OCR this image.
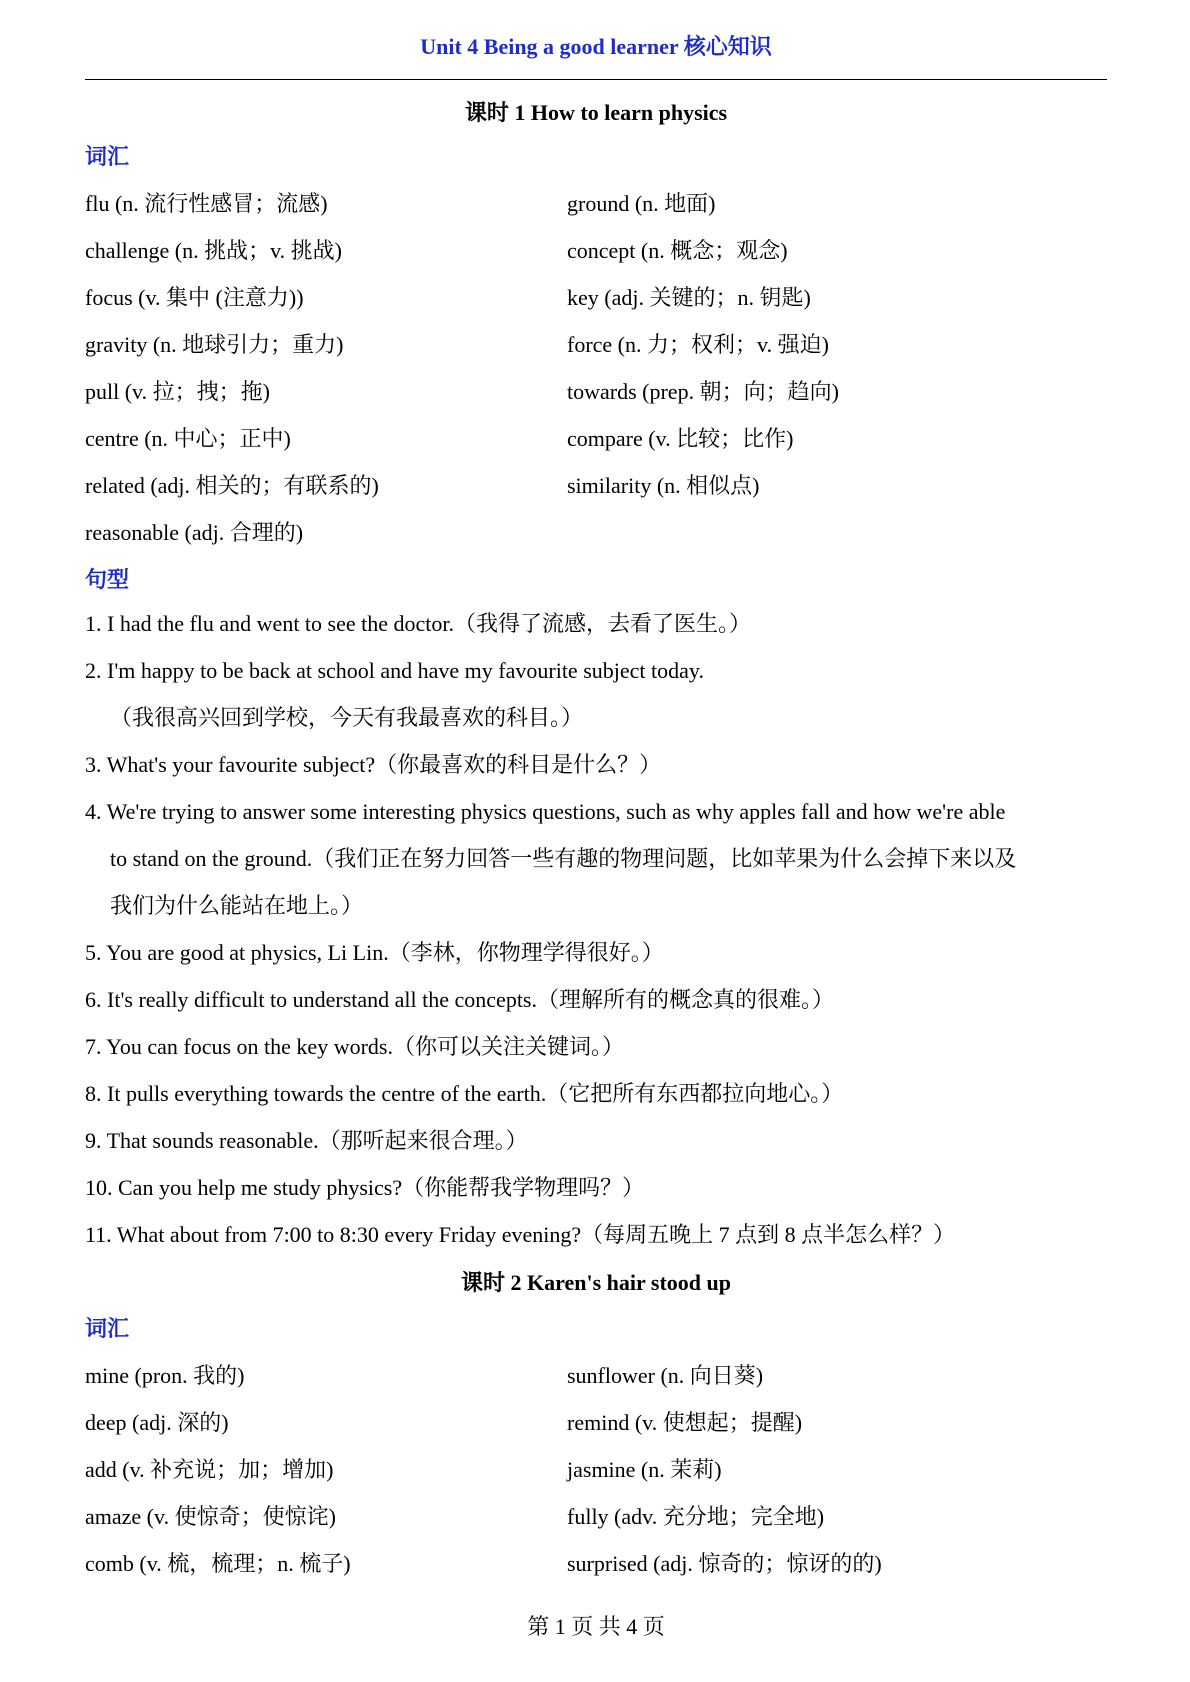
Unit 4 Being a good learner 核心知识
课时 1 How to learn physics
词汇
flu (n. 流行性感冒；流感)
challenge (n. 挑战；v. 挑战)
focus (v. 集中 (注意力))
gravity (n. 地球引力；重力)
pull (v. 拉；拽；拖)
centre (n. 中心；正中)
related (adj. 相关的；有联系的)
reasonable (adj. 合理的)
ground (n. 地面)
concept (n. 概念；观念)
key (adj. 关键的；n. 钥匙)
force (n. 力；权利；v. 强迫)
towards (prep. 朝；向；趋向)
compare (v. 比较；比作)
similarity (n. 相似点)
句型
1. I had the flu and went to see the doctor.（我得了流感，去看了医生。）
2. I'm happy to be back at school and have my favourite subject today.
（我很高兴回到学校，今天有我最喜欢的科目。）
3. What's your favourite subject?（你最喜欢的科目是什么？）
4. We're trying to answer some interesting physics questions, such as why apples fall and how we're able
to stand on the ground.（我们正在努力回答一些有趣的物理问题，比如苹果为什么会掉下来以及
我们为什么能站在地上。）
5. You are good at physics, Li Lin.（李林，你物理学得很好。）
6. It's really difficult to understand all the concepts.（理解所有的概念真的很难。）
7. You can focus on the key words.（你可以关注关键词。）
8. It pulls everything towards the centre of the earth.（它把所有东西都拉向地心。）
9. That sounds reasonable.（那听起来很合理。）
10. Can you help me study physics?（你能帮我学物理吗？）
11. What about from 7:00 to 8:30 every Friday evening?（每周五晚上 7 点到 8 点半怎么样？）
课时 2 Karen's hair stood up
词汇
mine (pron. 我的)
deep (adj. 深的)
add (v. 补充说；加；增加)
amaze (v. 使惊奇；使惊诧)
comb (v. 梳，梳理；n. 梳子)
sunflower (n. 向日葵)
remind (v. 使想起；提醒)
jasmine (n. 茉莉)
fully (adv. 充分地；完全地)
surprised (adj. 惊奇的；惊讶的的)
第 1 页 共 4 页
